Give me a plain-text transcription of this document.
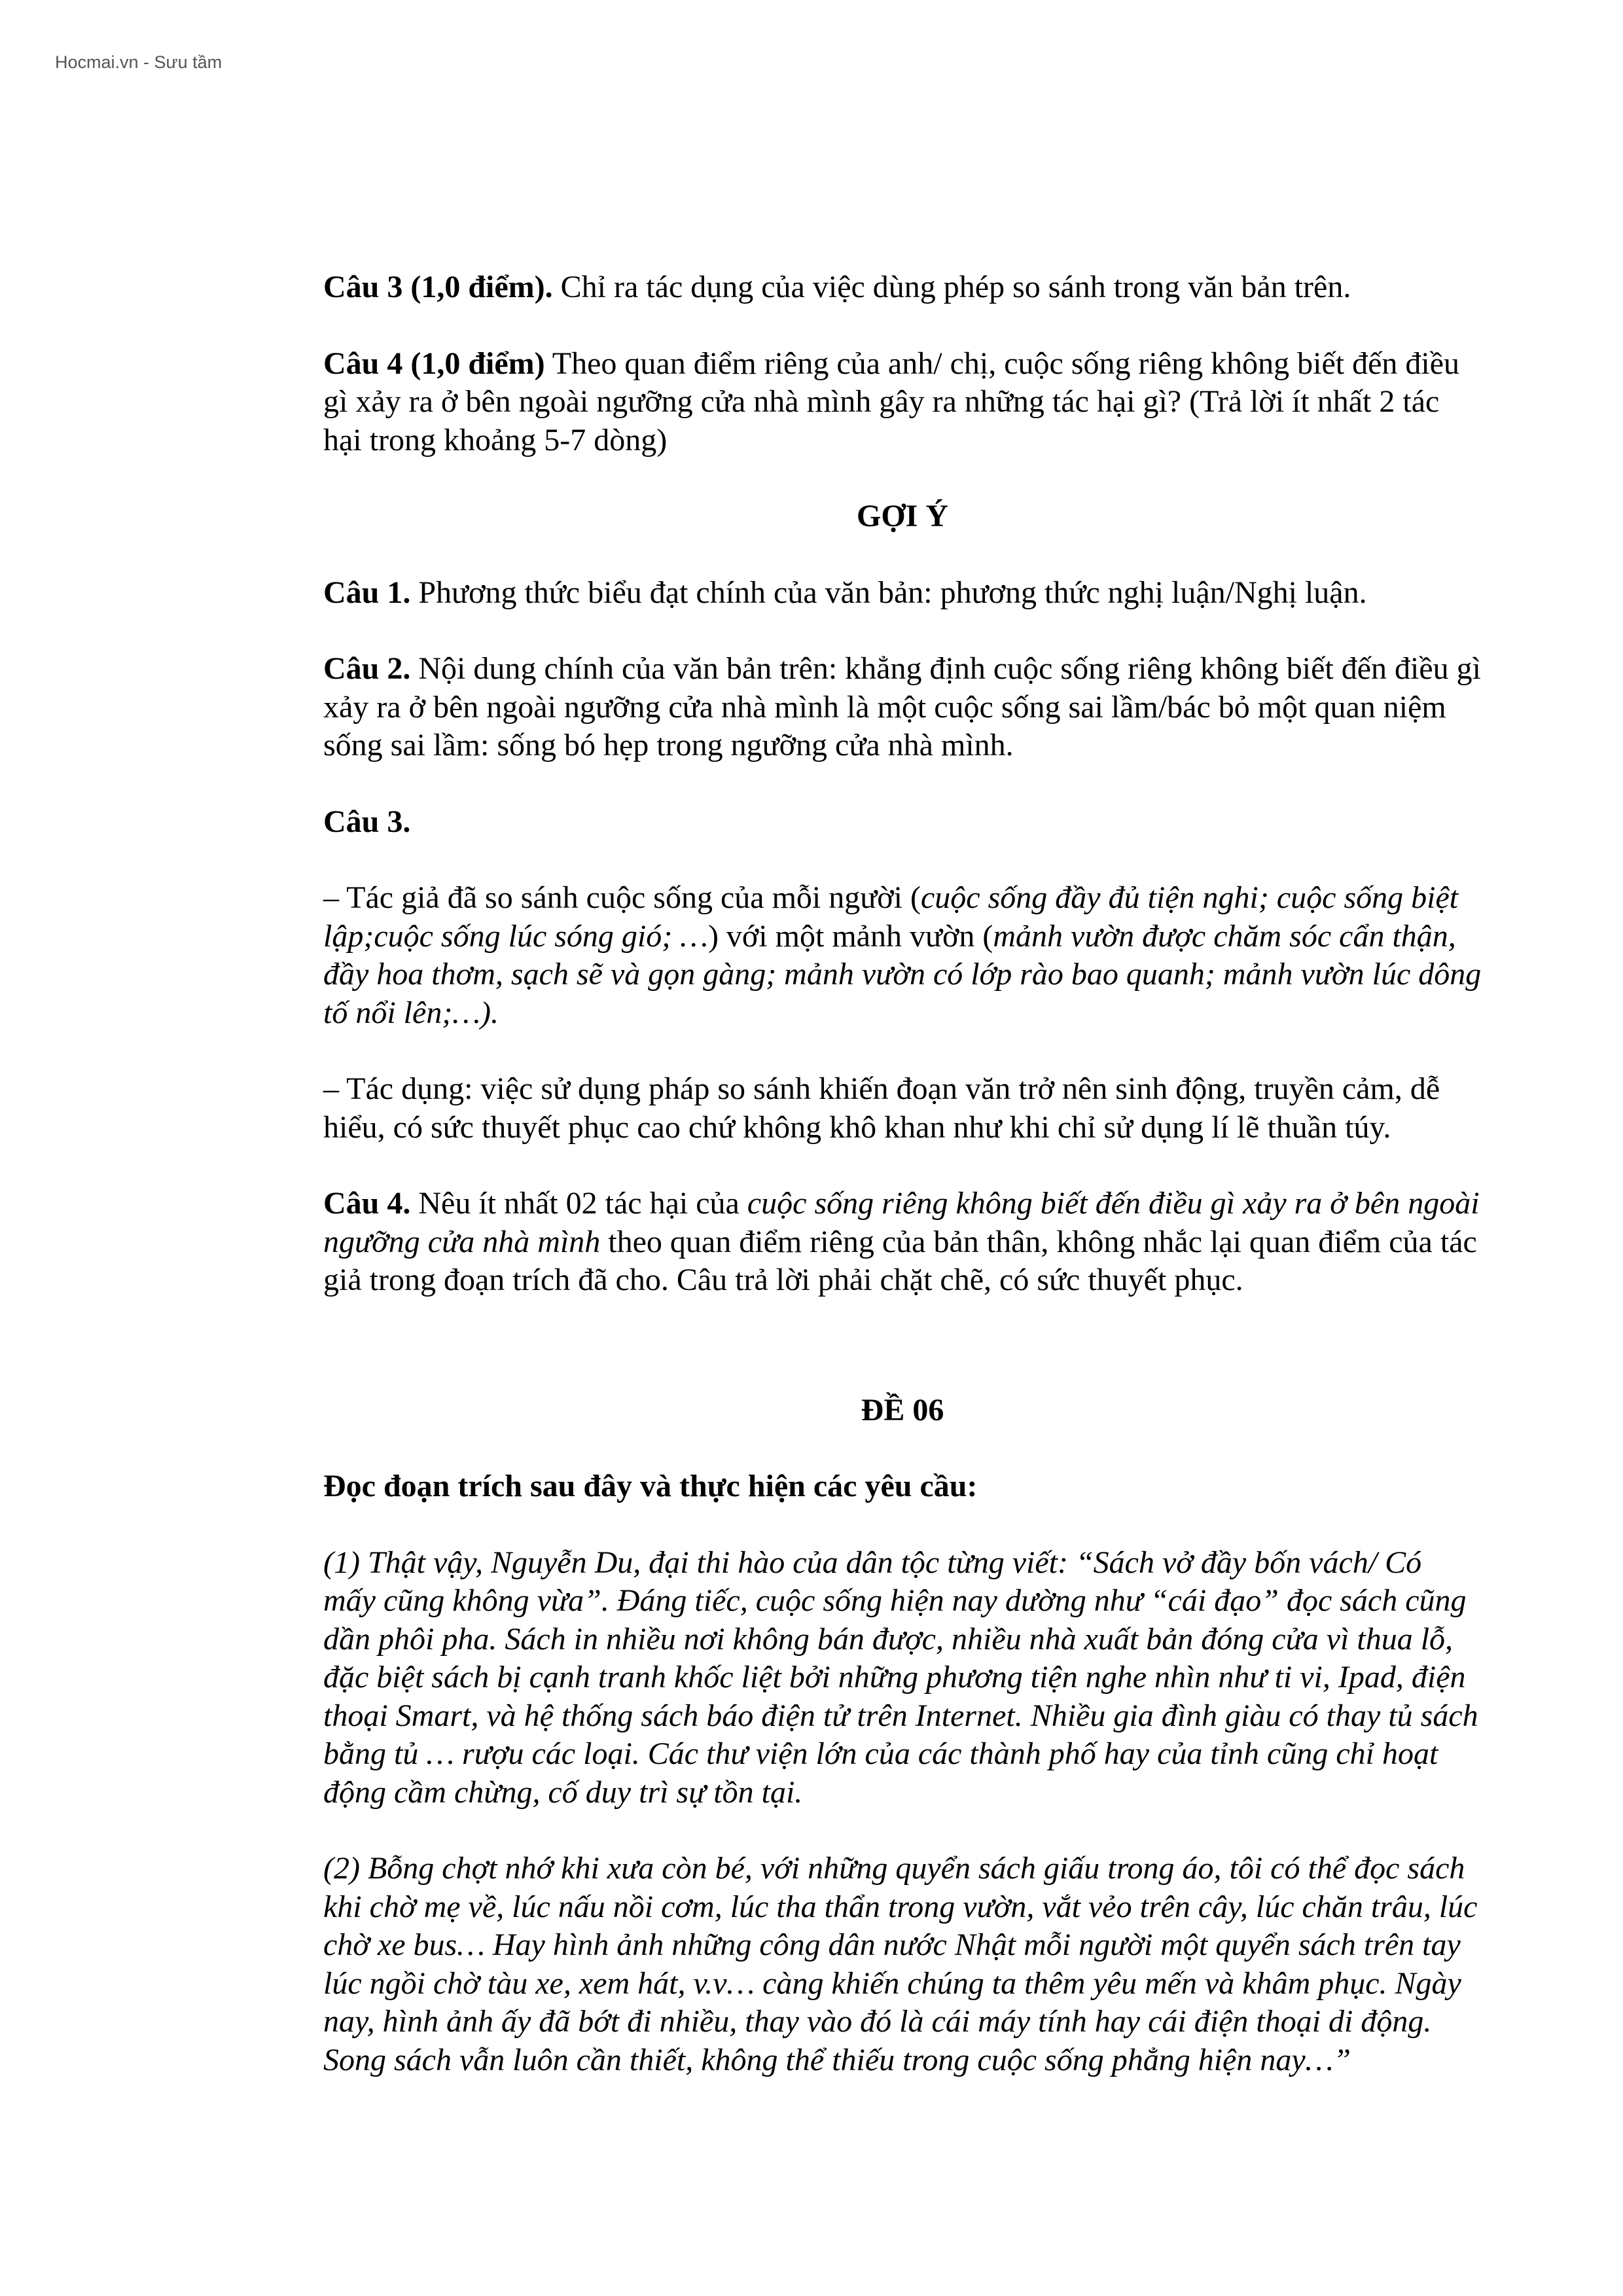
Hocmai.vn - Sưu tầm

Câu 3 (1,0 điểm). Chỉ ra tác dụng của việc dùng phép so sánh trong văn bản trên.

Câu 4 (1,0 điểm) Theo quan điểm riêng của anh/ chị, cuộc sống riêng không biết đến điều gì xảy ra ở bên ngoài ngưỡng cửa nhà mình gây ra những tác hại gì? (Trả lời ít nhất 2 tác hại trong khoảng 5-7 dòng)

GỢI Ý

Câu 1. Phương thức biểu đạt chính của văn bản: phương thức nghị luận/Nghị luận.

Câu 2. Nội dung chính của văn bản trên: khẳng định cuộc sống riêng không biết đến điều gì xảy ra ở bên ngoài ngưỡng cửa nhà mình là một cuộc sống sai lầm/bác bỏ một quan niệm sống sai lầm: sống bó hẹp trong ngưỡng cửa nhà mình.

Câu 3.

– Tác giả đã so sánh cuộc sống của mỗi người (cuộc sống đầy đủ tiện nghi; cuộc sống biệt lập;cuộc sống lúc sóng gió; …) với một mảnh vườn (mảnh vườn được chăm sóc cẩn thận, đầy hoa thơm, sạch sẽ và gọn gàng; mảnh vườn có lớp rào bao quanh; mảnh vườn lúc dông tố nổi lên;…).

– Tác dụng: việc sử dụng pháp so sánh khiến đoạn văn trở nên sinh động, truyền cảm, dễ hiểu, có sức thuyết phục cao chứ không khô khan như khi chỉ sử dụng lí lẽ thuần túy.

Câu 4. Nêu ít nhất 02 tác hại của cuộc sống riêng không biết đến điều gì xảy ra ở bên ngoài ngưỡng cửa nhà mình theo quan điểm riêng của bản thân, không nhắc lại quan điểm của tác giả trong đoạn trích đã cho. Câu trả lời phải chặt chẽ, có sức thuyết phục.

ĐỀ 06

Đọc đoạn trích sau đây và thực hiện các yêu cầu:

(1) Thật vậy, Nguyễn Du, đại thi hào của dân tộc từng viết: “Sách vở đầy bốn vách/ Có mấy cũng không vừa”. Đáng tiếc, cuộc sống hiện nay dường như “cái đạo” đọc sách cũng dần phôi pha. Sách in nhiều nơi không bán được, nhiều nhà xuất bản đóng cửa vì thua lỗ, đặc biệt sách bị cạnh tranh khốc liệt bởi những phương tiện nghe nhìn như ti vi, Ipad, điện thoại Smart, và hệ thống sách báo điện tử trên Internet. Nhiều gia đình giàu có thay tủ sách bằng tủ … rượu các loại. Các thư viện lớn của các thành phố hay của tỉnh cũng chỉ hoạt động cầm chừng, cố duy trì sự tồn tại.

(2) Bỗng chợt nhớ khi xưa còn bé, với những quyển sách giấu trong áo, tôi có thể đọc sách khi chờ mẹ về, lúc nấu nồi cơm, lúc tha thẩn trong vườn, vắt vẻo trên cây, lúc chăn trâu, lúc chờ xe bus… Hay hình ảnh những công dân nước Nhật mỗi người một quyển sách trên tay lúc ngồi chờ tàu xe, xem hát, v.v… càng khiến chúng ta thêm yêu mến và khâm phục. Ngày nay, hình ảnh ấy đã bớt đi nhiều, thay vào đó là cái máy tính hay cái điện thoại di động. Song sách vẫn luôn cần thiết, không thể thiếu trong cuộc sống phẳng hiện nay…”
